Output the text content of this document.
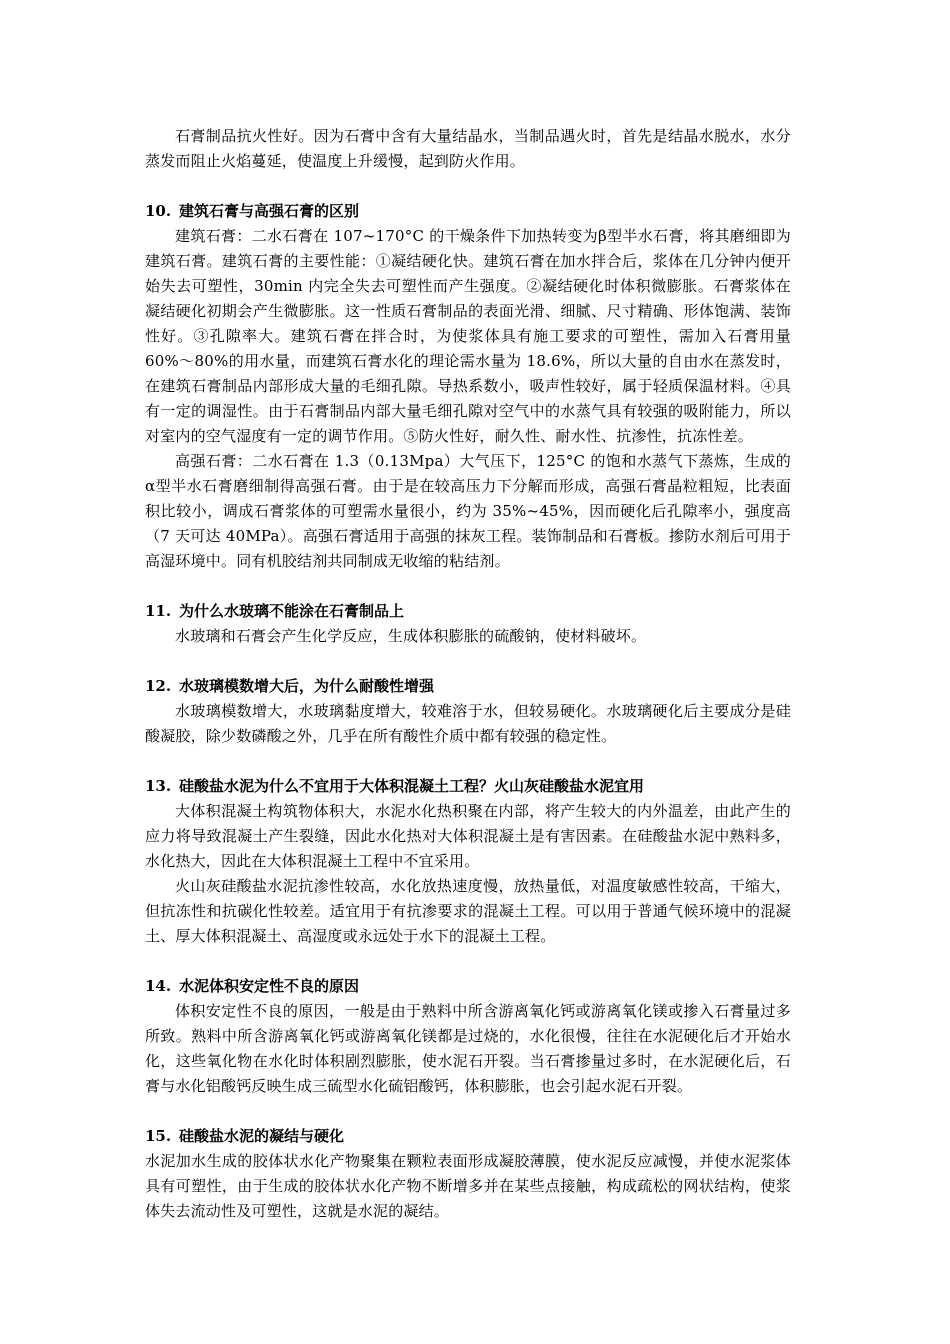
石膏制品抗火性好。因为石膏中含有大量结晶水，当制品遇火时，首先是结晶水脱水，水分蒸发而阻止火焰蔓延，使温度上升缓慢，起到防火作用。

10. 建筑石膏与高强石膏的区别

建筑石膏：二水石膏在 107~170°C 的干燥条件下加热转变为β型半水石膏，将其磨细即为建筑石膏。建筑石膏的主要性能：①凝结硬化快。建筑石膏在加水拌合后，浆体在几分钟内便开始失去可塑性，30min 内完全失去可塑性而产生强度。②凝结硬化时体积微膨胀。石膏浆体在凝结硬化初期会产生微膨胀。这一性质石膏制品的表面光滑、细腻、尺寸精确、形体饱满、装饰性好。③孔隙率大。建筑石膏在拌合时，为使浆体具有施工要求的可塑性，需加入石膏用量 60%～80%的用水量，而建筑石膏水化的理论需水量为 18.6%，所以大量的自由水在蒸发时，在建筑石膏制品内部形成大量的毛细孔隙。导热系数小，吸声性较好，属于轻质保温材料。④具有一定的调湿性。由于石膏制品内部大量毛细孔隙对空气中的水蒸气具有较强的吸附能力，所以对室内的空气湿度有一定的调节作用。⑤防火性好，耐久性、耐水性、抗渗性，抗冻性差。

高强石膏：二水石膏在 1.3（0.13Mpa）大气压下，125°C 的饱和水蒸气下蒸炼，生成的α型半水石膏磨细制得高强石膏。由于是在较高压力下分解而形成，高强石膏晶粒粗短，比表面积比较小，调成石膏浆体的可塑需水量很小，约为 35%~45%，因而硬化后孔隙率小，强度高（7 天可达 40MPa）。高强石膏适用于高强的抹灰工程。装饰制品和石膏板。掺防水剂后可用于高湿环境中。同有机胶结剂共同制成无收缩的粘结剂。

11. 为什么水玻璃不能涂在石膏制品上

水玻璃和石膏会产生化学反应，生成体积膨胀的硫酸钠，使材料破坏。

12. 水玻璃模数增大后，为什么耐酸性增强

水玻璃模数增大，水玻璃黏度增大，较难溶于水，但较易硬化。水玻璃硬化后主要成分是硅酸凝胶，除少数磷酸之外，几乎在所有酸性介质中都有较强的稳定性。

13. 硅酸盐水泥为什么不宜用于大体积混凝土工程？火山灰硅酸盐水泥宜用

大体积混凝土构筑物体积大，水泥水化热积聚在内部，将产生较大的内外温差，由此产生的应力将导致混凝土产生裂缝，因此水化热对大体积混凝土是有害因素。在硅酸盐水泥中熟料多，水化热大，因此在大体积混凝土工程中不宜采用。

火山灰硅酸盐水泥抗渗性较高，水化放热速度慢，放热量低，对温度敏感性较高，干缩大，但抗冻性和抗碳化性较差。适宜用于有抗渗要求的混凝土工程。可以用于普通气候环境中的混凝土、厚大体积混凝土、高湿度或永远处于水下的混凝土工程。

14. 水泥体积安定性不良的原因

体积安定性不良的原因，一般是由于熟料中所含游离氧化钙或游离氧化镁或掺入石膏量过多所致。熟料中所含游离氧化钙或游离氧化镁都是过烧的，水化很慢，往往在水泥硬化后才开始水化，这些氧化物在水化时体积剧烈膨胀，使水泥石开裂。当石膏掺量过多时，在水泥硬化后，石膏与水化铝酸钙反映生成三硫型水化硫铝酸钙，体积膨胀，也会引起水泥石开裂。

15. 硅酸盐水泥的凝结与硬化

水泥加水生成的胶体状水化产物聚集在颗粒表面形成凝胶薄膜，使水泥反应减慢，并使水泥浆体具有可塑性，由于生成的胶体状水化产物不断增多并在某些点接触，构成疏松的网状结构，使浆体失去流动性及可塑性，这就是水泥的凝结。
